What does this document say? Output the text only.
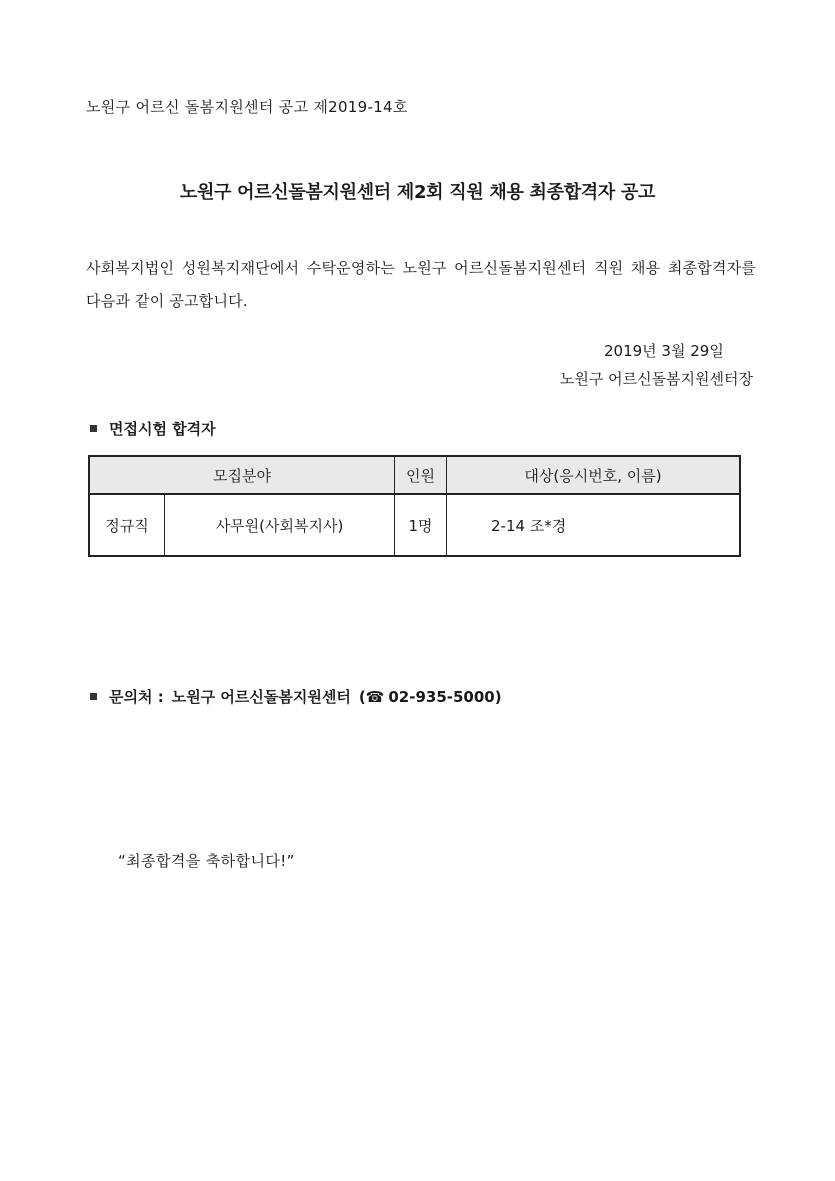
노원구 어르신 돌봄지원센터 공고 제2019-14호
노원구 어르신돌봄지원센터 제2회 직원 채용 최종합격자 공고
사회복지법인 성원복지재단에서 수탁운영하는 노원구 어르신돌봄지원센터 직원 채용 최종합격자를 다음과 같이 공고합니다.
2019년 3월 29일
노원구 어르신돌봄지원센터장
면접시험 합격자
모집분야		인원	대상(응시번호, 이름)
정규직	사무원(사회복지사)	1명	2-14 조*경
문의처 : 노원구 어르신돌봄지원센터 (☎ 02-935-5000 )
“최종합격을 축하합니다!”
